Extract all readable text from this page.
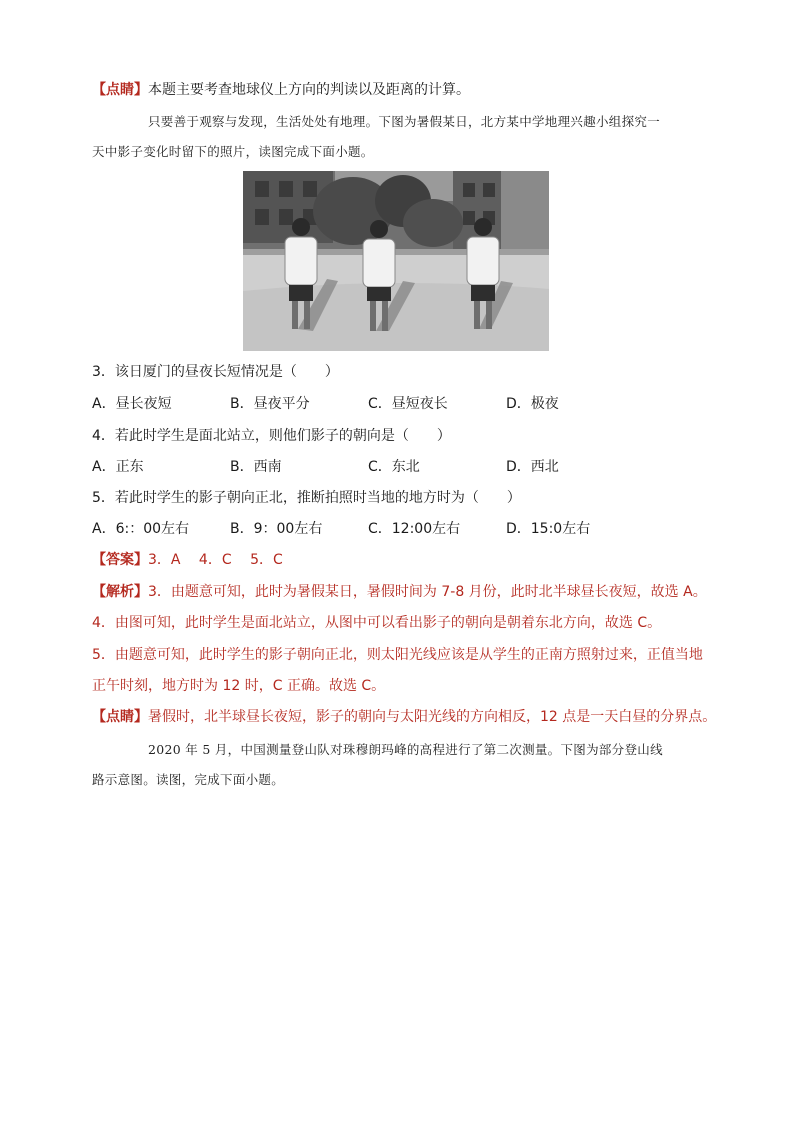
【点睛】本题主要考查地球仪上方向的判读以及距离的计算。
只要善于观察与发现，生活处处有地理。下图为暑假某日，北方某中学地理兴趣小组探究一
天中影子变化时留下的照片，读图完成下面小题。
3．该日厦门的昼夜长短情况是（　　）
A．昼长夜短	B．昼夜平分	C．昼短夜长	D．极夜
4．若此时学生是面北站立，则他们影子的朝向是（　　）
A．正东	B．西南	C．东北	D．西北
5．若此时学生的影子朝向正北，推断拍照时当地的地方时为（　　）
A．6:：00左右	B．9：00左右	C．12:00左右	D．15:0左右
【答案】3．A　 4．C　 5．C
【解析】3．由题意可知，此时为暑假某日，暑假时间为 7-8 月份，此时北半球昼长夜短，故选 A。
4．由图可知，此时学生是面北站立，从图中可以看出影子的朝向是朝着东北方向，故选 C。
5．由题意可知，此时学生的影子朝向正北，则太阳光线应该是从学生的正南方照射过来，正值当地
正午时刻，地方时为 12 时，C 正确。故选 C。
【点睛】暑假时，北半球昼长夜短，影子的朝向与太阳光线的方向相反，12 点是一天白昼的分界点。
2020 年 5 月，中国测量登山队对珠穆朗玛峰的高程进行了第二次测量。下图为部分登山线
路示意图。读图，完成下面小题。
